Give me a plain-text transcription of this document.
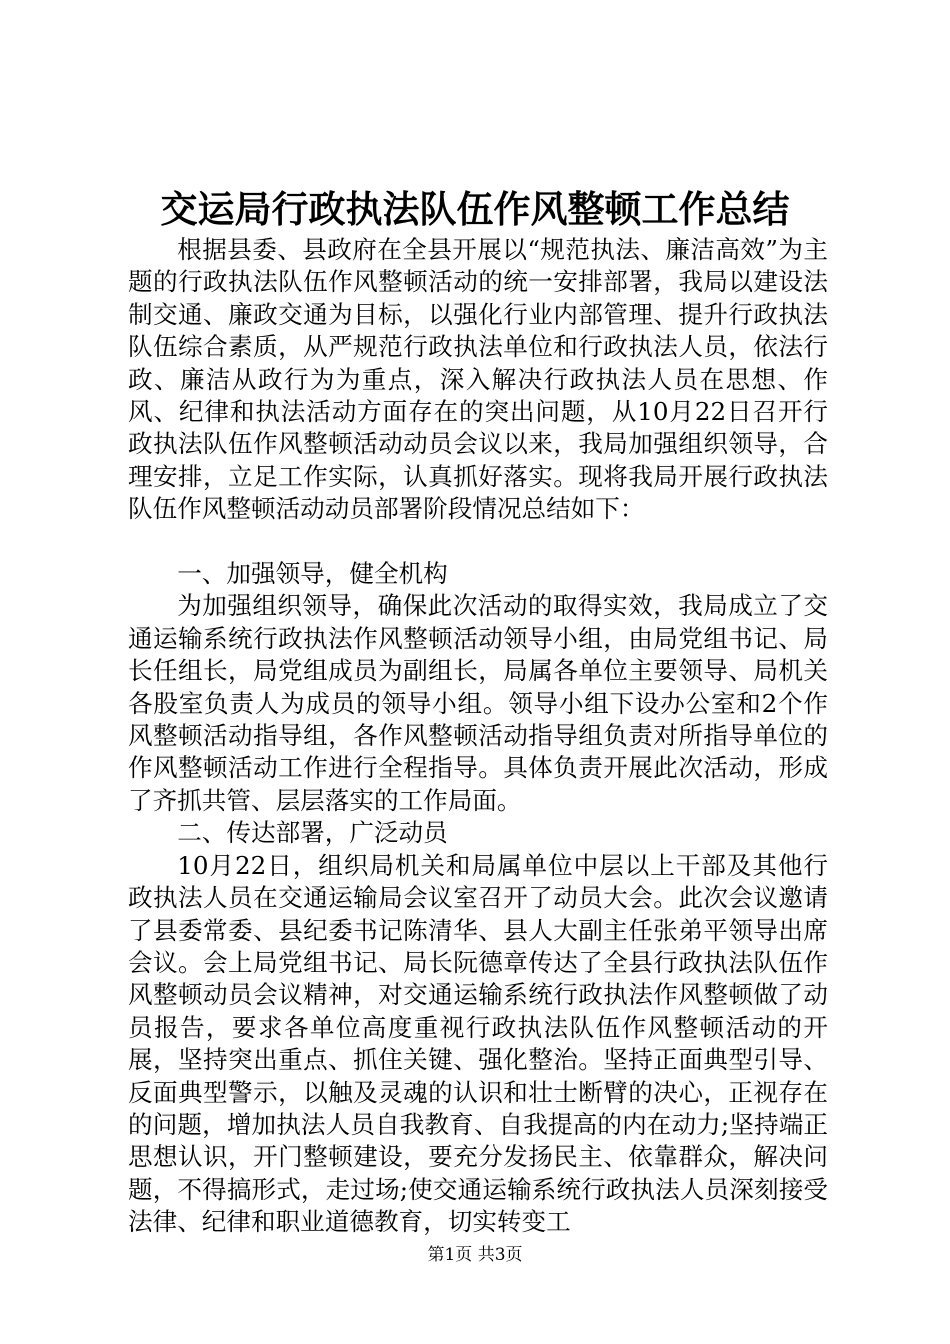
交运局行政执法队伍作风整顿工作总结

根据县委、县政府在全县开展以“规范执法、廉洁高效”为主题的行政执法队伍作风整顿活动的统一安排部署，我局以建设法制交通、廉政交通为目标，以强化行业内部管理、提升行政执法队伍综合素质，从严规范行政执法单位和行政执法人员，依法行政、廉洁从政行为为重点，深入解决行政执法人员在思想、作风、纪律和执法活动方面存在的突出问题，从10月22日召开行政执法队伍作风整顿活动动员会议以来，我局加强组织领导，合理安排，立足工作实际，认真抓好落实。现将我局开展行政执法队伍作风整顿活动动员部署阶段情况总结如下：

一、加强领导，健全机构

为加强组织领导，确保此次活动的取得实效，我局成立了交通运输系统行政执法作风整顿活动领导小组，由局党组书记、局长任组长，局党组成员为副组长，局属各单位主要领导、局机关各股室负责人为成员的领导小组。领导小组下设办公室和2个作风整顿活动指导组，各作风整顿活动指导组负责对所指导单位的作风整顿活动工作进行全程指导。具体负责开展此次活动，形成了齐抓共管、层层落实的工作局面。

二、传达部署，广泛动员

10月22日，组织局机关和局属单位中层以上干部及其他行政执法人员在交通运输局会议室召开了动员大会。此次会议邀请了县委常委、县纪委书记陈清华、县人大副主任张弟平领导出席会议。会上局党组书记、局长阮德章传达了全县行政执法队伍作风整顿动员会议精神，对交通运输系统行政执法作风整顿做了动员报告，要求各单位高度重视行政执法队伍作风整顿活动的开展，坚持突出重点、抓住关键、强化整治。坚持正面典型引导、反面典型警示，以触及灵魂的认识和壮士断臂的决心，正视存在的问题，增加执法人员自我教育、自我提高的内在动力;坚持端正思想认识，开门整顿建设，要充分发扬民主、依靠群众，解决问题，不得搞形式，走过场;使交通运输系统行政执法人员深刻接受法律、纪律和职业道德教育，切实转变工

第1页 共3页
